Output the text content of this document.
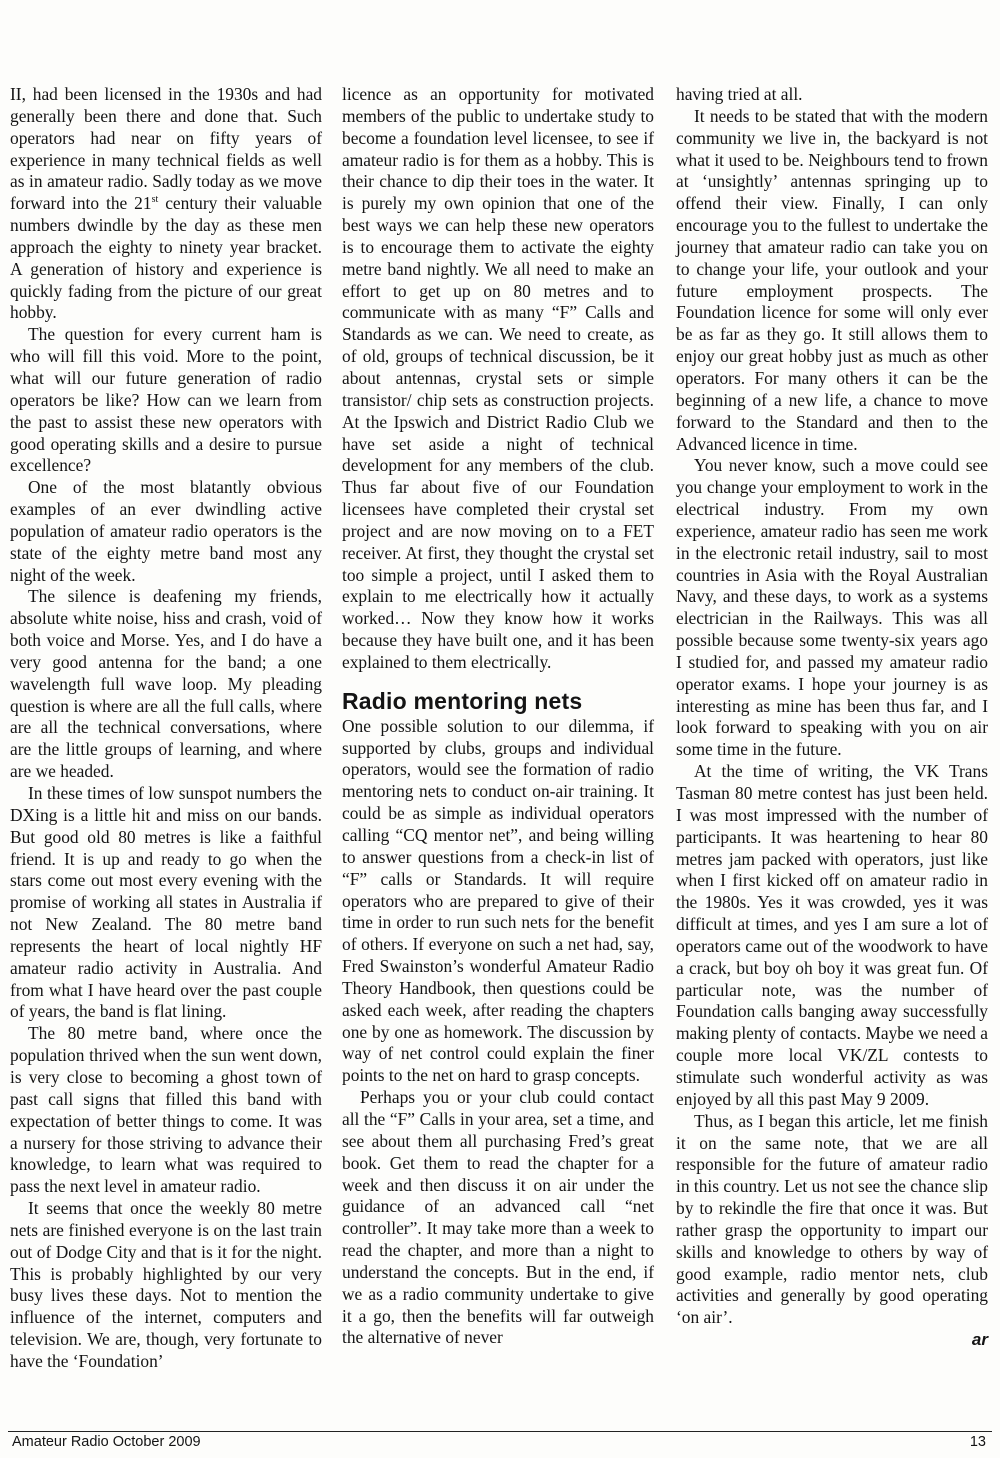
II, had been licensed in the 1930s and had generally been there and done that. Such operators had near on fifty years of experience in many technical fields as well as in amateur radio. Sadly today as we move forward into the 21st century their valuable numbers dwindle by the day as these men approach the eighty to ninety year bracket. A generation of history and experience is quickly fading from the picture of our great hobby.

The question for every current ham is who will fill this void. More to the point, what will our future generation of radio operators be like? How can we learn from the past to assist these new operators with good operating skills and a desire to pursue excellence?

One of the most blatantly obvious examples of an ever dwindling active population of amateur radio operators is the state of the eighty metre band most any night of the week.

The silence is deafening my friends, absolute white noise, hiss and crash, void of both voice and Morse. Yes, and I do have a very good antenna for the band; a one wavelength full wave loop. My pleading question is where are all the full calls, where are all the technical conversations, where are the little groups of learning, and where are we headed.

In these times of low sunspot numbers the DXing is a little hit and miss on our bands. But good old 80 metres is like a faithful friend. It is up and ready to go when the stars come out most every evening with the promise of working all states in Australia if not New Zealand. The 80 metre band represents the heart of local nightly HF amateur radio activity in Australia. And from what I have heard over the past couple of years, the band is flat lining.

The 80 metre band, where once the population thrived when the sun went down, is very close to becoming a ghost town of past call signs that filled this band with expectation of better things to come. It was a nursery for those striving to advance their knowledge, to learn what was required to pass the next level in amateur radio.

It seems that once the weekly 80 metre nets are finished everyone is on the last train out of Dodge City and that is it for the night. This is probably highlighted by our very busy lives these days. Not to mention the influence of the internet, computers and television. We are, though, very fortunate to have the ‘Foundation’

licence as an opportunity for motivated members of the public to undertake study to become a foundation level licensee, to see if amateur radio is for them as a hobby. This is their chance to dip their toes in the water. It is purely my own opinion that one of the best ways we can help these new operators is to encourage them to activate the eighty metre band nightly. We all need to make an effort to get up on 80 metres and to communicate with as many “F” Calls and Standards as we can. We need to create, as of old, groups of technical discussion, be it about antennas, crystal sets or simple transistor/ chip sets as construction projects. At the Ipswich and District Radio Club we have set aside a night of technical development for any members of the club. Thus far about five of our Foundation licensees have completed their crystal set project and are now moving on to a FET receiver. At first, they thought the crystal set too simple a project, until I asked them to explain to me electrically how it actually worked… Now they know how it works because they have built one, and it has been explained to them electrically.

Radio mentoring nets

One possible solution to our dilemma, if supported by clubs, groups and individual operators, would see the formation of radio mentoring nets to conduct on-air training. It could be as simple as individual operators calling “CQ mentor net”, and being willing to answer questions from a check-in list of “F” calls or Standards. It will require operators who are prepared to give of their time in order to run such nets for the benefit of others. If everyone on such a net had, say, Fred Swainston’s wonderful Amateur Radio Theory Handbook, then questions could be asked each week, after reading the chapters one by one as homework. The discussion by way of net control could explain the finer points to the net on hard to grasp concepts.

Perhaps you or your club could contact all the “F” Calls in your area, set a time, and see about them all purchasing Fred’s great book. Get them to read the chapter for a week and then discuss it on air under the guidance of an advanced call “net controller”. It may take more than a week to read the chapter, and more than a night to understand the concepts. But in the end, if we as a radio community undertake to give it a go, then the benefits will far outweigh the alternative of never

having tried at all.

It needs to be stated that with the modern community we live in, the backyard is not what it used to be. Neighbours tend to frown at ‘unsightly’ antennas springing up to offend their view. Finally, I can only encourage you to the fullest to undertake the journey that amateur radio can take you on to change your life, your outlook and your future employment prospects. The Foundation licence for some will only ever be as far as they go. It still allows them to enjoy our great hobby just as much as other operators. For many others it can be the beginning of a new life, a chance to move forward to the Standard and then to the Advanced licence in time.

You never know, such a move could see you change your employment to work in the electrical industry. From my own experience, amateur radio has seen me work in the electronic retail industry, sail to most countries in Asia with the Royal Australian Navy, and these days, to work as a systems electrician in the Railways. This was all possible because some twenty-six years ago I studied for, and passed my amateur radio operator exams. I hope your journey is as interesting as mine has been thus far, and I look forward to speaking with you on air some time in the future.

At the time of writing, the VK Trans Tasman 80 metre contest has just been held. I was most impressed with the number of participants. It was heartening to hear 80 metres jam packed with operators, just like when I first kicked off on amateur radio in the 1980s. Yes it was crowded, yes it was difficult at times, and yes I am sure a lot of operators came out of the woodwork to have a crack, but boy oh boy it was great fun. Of particular note, was the number of Foundation calls banging away successfully making plenty of contacts. Maybe we need a couple more local VK/ZL contests to stimulate such wonderful activity as was enjoyed by all this past May 9 2009.

Thus, as I began this article, let me finish it on the same note, that we are all responsible for the future of amateur radio in this country. Let us not see the chance slip by to rekindle the fire that once it was. But rather grasp the opportunity to impart our skills and knowledge to others by way of good example, radio mentor nets, club activities and generally by good operating ‘on air’.

ar

Amateur Radio October 2009	13
